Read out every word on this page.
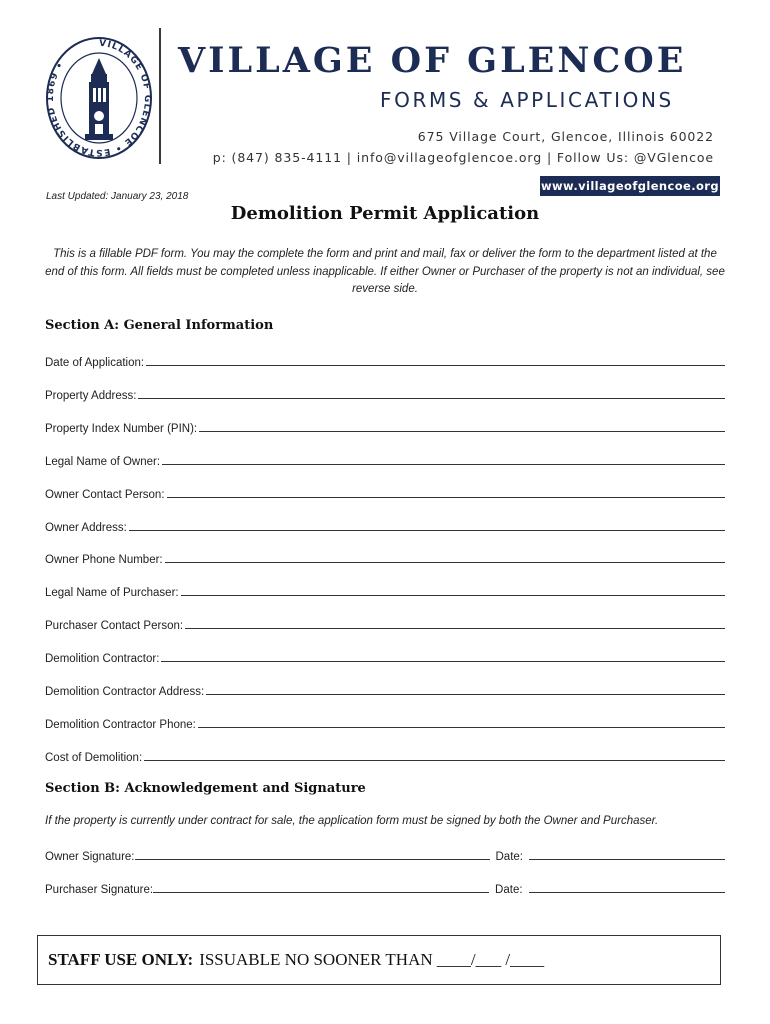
VILLAGE OF GLENCOE • ESTABLISHED 1869 •	VILLAGE OF GLENCOE
FORMS & APPLICATIONS
675 Village Court, Glencoe, Illinois 60022
p: (847) 835-4111 | info@villageofglencoe.org | Follow Us: @VGlencoe
www.villageofglencoe.org
Last Updated: January 23, 2018
Demolition Permit Application
This is a fillable PDF form. You may the complete the form and print and mail, fax or deliver the form to the department listed at the end of this form. All fields must be completed unless inapplicable. If either Owner or Purchaser of the property is not an individual, see reverse side.
Section A: General Information
Date of Application:
Property Address:
Property Index Number (PIN):
Legal Name of Owner:
Owner Contact Person:
Owner Address:
Owner Phone Number:
Legal Name of Purchaser:
Purchaser Contact Person:
Demolition Contractor:
Demolition Contractor Address:
Demolition Contractor Phone:
Cost of Demolition:
Section B: Acknowledgement and Signature
If the property is currently under contract for sale, the application form must be signed by both the Owner and Purchaser.
Owner Signature:	Date:
Purchaser Signature:	Date:
STAFF USE ONLY: ISSUABLE NO SOONER THAN ____/___ /____
